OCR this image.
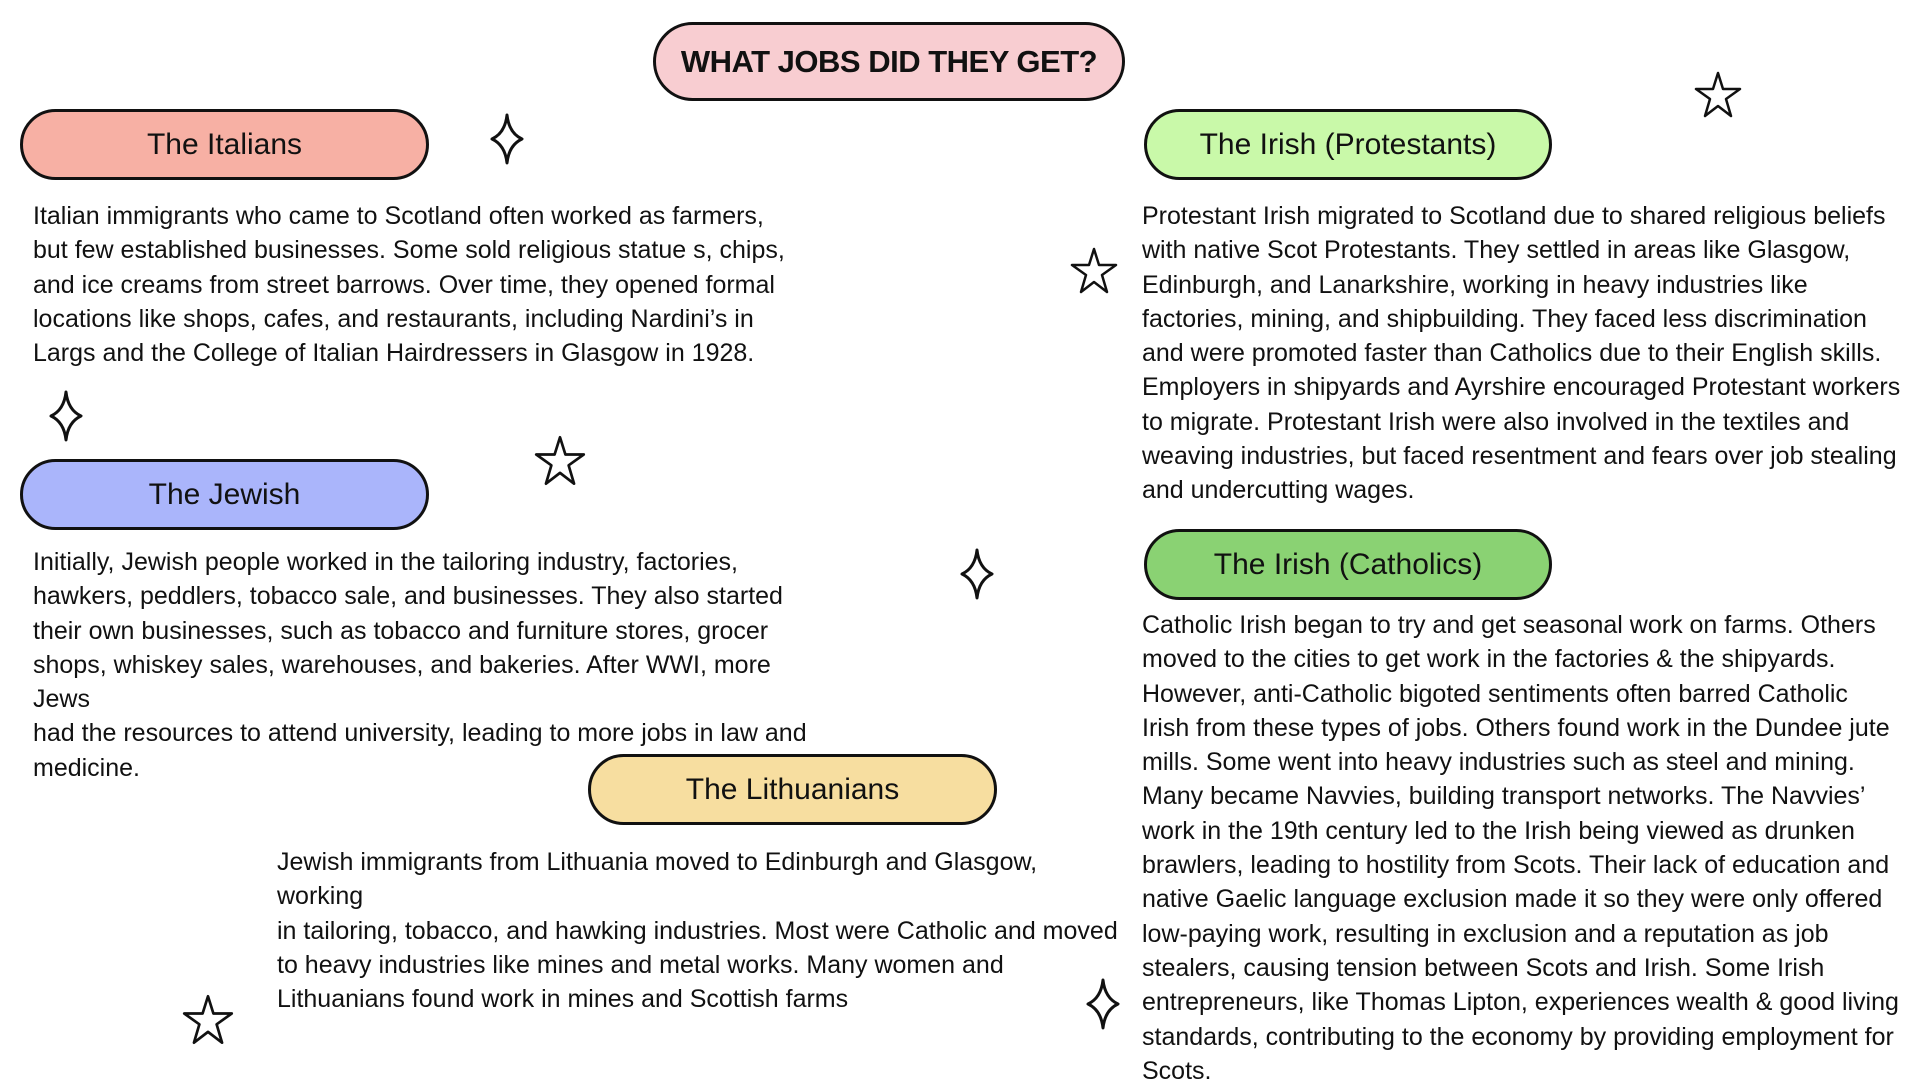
WHAT JOBS DID THEY GET?
The Italians

Italian immigrants who came to Scotland often worked as farmers,
but few established businesses. Some sold religious statue s, chips,
and ice creams from street barrows. Over time, they opened formal
locations like shops, cafes, and restaurants, including Nardini’s in
Largs and the College of Italian Hairdressers in Glasgow in 1928.

The Jewish

Initially, Jewish people worked in the tailoring industry, factories,
hawkers, peddlers, tobacco sale, and businesses. They also started
their own businesses, such as tobacco and furniture stores, grocer
shops, whiskey sales, warehouses, and bakeries. After WWI, more Jews
had the resources to attend university, leading to more jobs in law and
medicine.

The Lithuanians

Jewish immigrants from Lithuania moved to Edinburgh and Glasgow, working
in tailoring, tobacco, and hawking industries. Most were Catholic and moved
to heavy industries like mines and metal works. Many women and
Lithuanians found work in mines and Scottish farms

The Irish (Protestants)

Protestant Irish migrated to Scotland due to shared religious beliefs
with native Scot Protestants. They settled in areas like Glasgow,
Edinburgh, and Lanarkshire, working in heavy industries like
factories, mining, and shipbuilding. They faced less discrimination
and were promoted faster than Catholics due to their English skills.
Employers in shipyards and Ayrshire encouraged Protestant workers
to migrate. Protestant Irish were also involved in the textiles and
weaving industries, but faced resentment and fears over job stealing
and undercutting wages.

The Irish (Catholics)

Catholic Irish began to try and get seasonal work on farms. Others
moved to the cities to get work in the factories & the shipyards.
However, anti-Catholic bigoted sentiments often barred Catholic
Irish from these types of jobs. Others found work in the Dundee jute
mills. Some went into heavy industries such as steel and mining.
Many became Navvies, building transport networks. The Navvies’
work in the 19th century led to the Irish being viewed as drunken
brawlers, leading to hostility from Scots. Their lack of education and
native Gaelic language exclusion made it so they were only offered
low-paying work, resulting in exclusion and a reputation as job
stealers, causing tension between Scots and Irish. Some Irish
entrepreneurs, like Thomas Lipton, experiences wealth & good living
standards, contributing to the economy by providing employment for
Scots.
